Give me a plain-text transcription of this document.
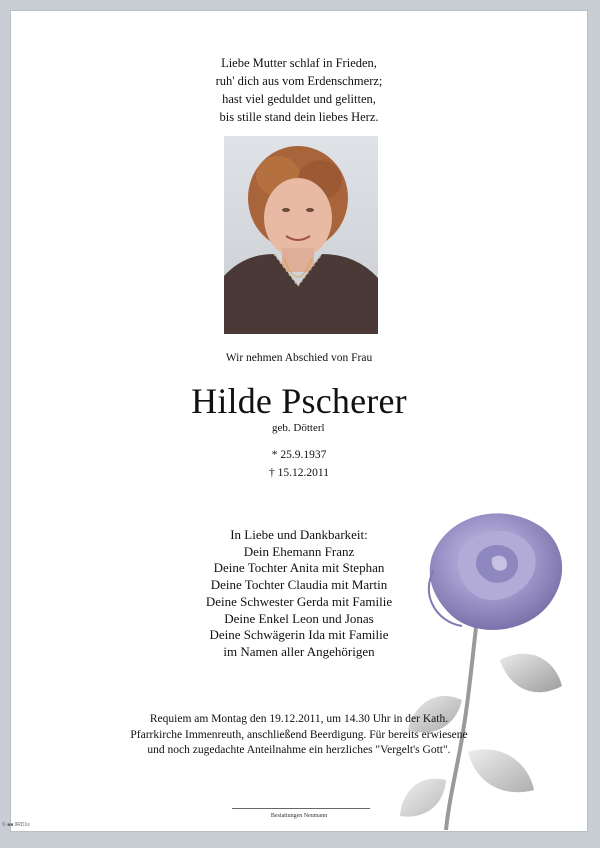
Liebe Mutter schlaf in Frieden,
ruh' dich aus vom Erdenschmerz;
hast viel geduldet und gelitten,
bis stille stand dein liebes Herz.
Wir nehmen Abschied von Frau
Hilde Pscherer
geb. Dötterl
* 25.9.1937
† 15.12.2011
In Liebe und Dankbarkeit:
Dein Ehemann Franz
Deine Tochter Anita mit Stephan
Deine Tochter Claudia mit Martin
Deine Schwester Gerda mit Familie
Deine Enkel Leon und Jonas
Deine Schwägerin Ida mit Familie
im Namen aller Angehörigen
Requiem am Montag den 19.12.2011, um 14.30 Uhr in der Kath.
Pfarrkirche Immenreuth, anschließend Beerdigung. Für bereits erwiesene
und noch zugedachte Anteilnahme ein herzliches "Vergelt's Gott".
Bestattungen Neumann
© ■■ 9RD1s
